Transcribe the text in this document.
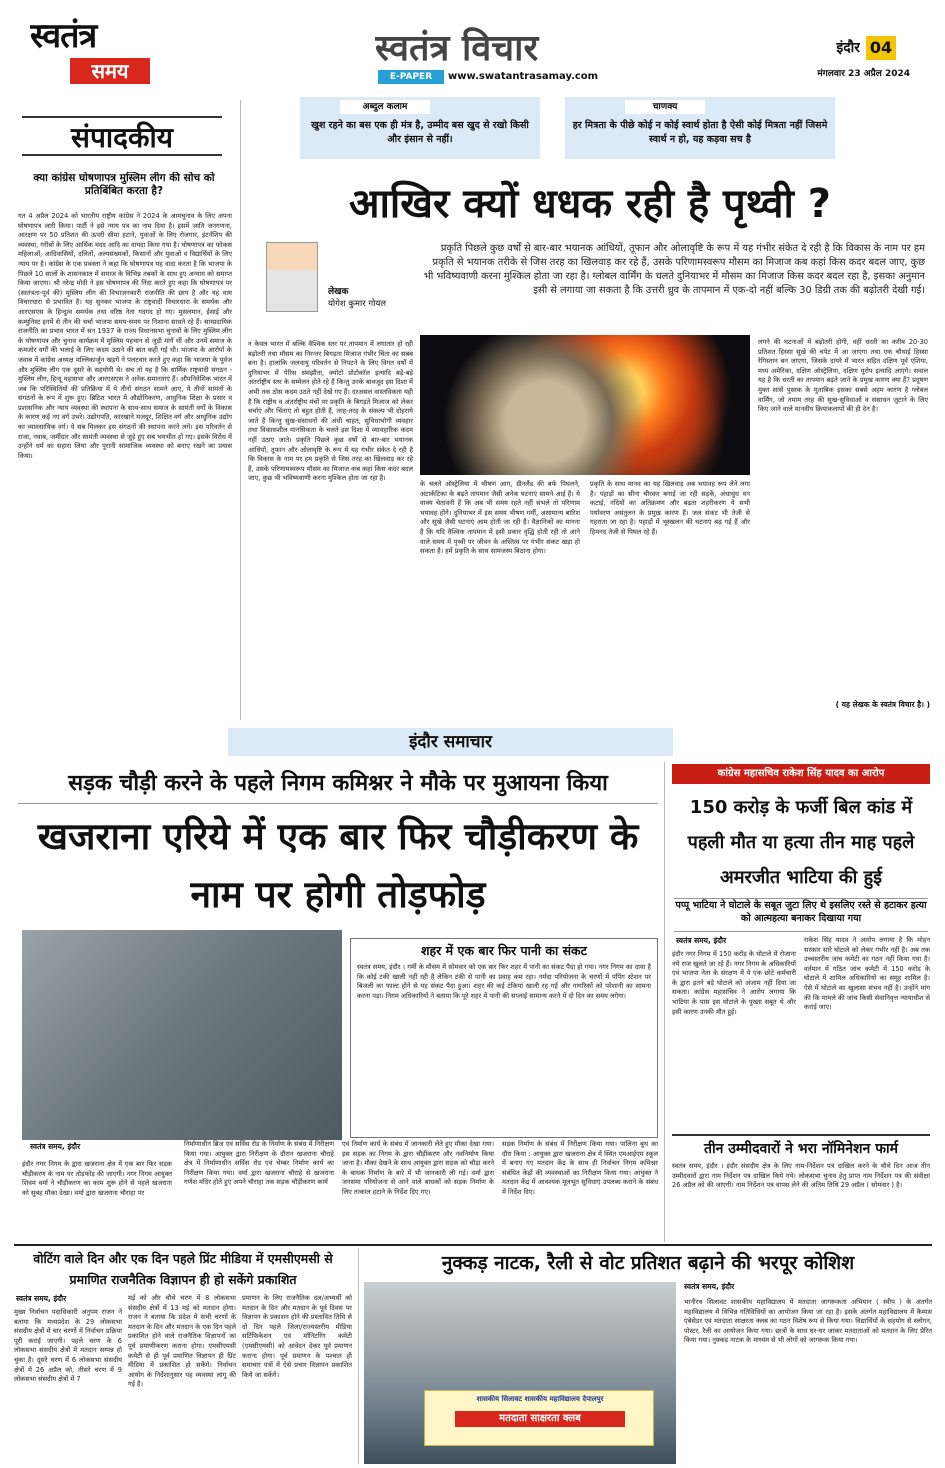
स्वतंत्र
समय
स्वतंत्र विचार
E-PAPER	www.swatantrasamay.com
इंदौर 04
मंगलवार 23 अप्रैल 2024
अब्दुल कलाम
खुश रहने का बस एक ही मंत्र है, उम्मीद बस खुद से रखो किसी और इंसान से नहीं।
चाणक्य
हर मित्रता के पीछे कोई न कोई स्वार्थ होता है ऐसी कोई मित्रता नहीं जिसमे स्वार्थ न हो, यह कड़वा सच है
संपादकीय
क्या कांग्रेस घोषणापत्र मुस्लिम लीग की सोच को प्रतिबिंबित करता है?
गत 4 अप्रैल 2024 को भारतीय राष्ट्रीय कांग्रेस ने 2024 के आमचुनाव के लिए अपना घोषणापत्र जारी किया। पार्टी ने इसे न्याय पत्र का नाम दिया है। इसमें जाति जनगणना, आरक्षण पर 50 प्रतिशत की ऊपरी सीमा हटाने, युवाओं के लिए रोजगार, इंटर्नशिप की व्यवस्था, गरीबों के लिए आर्थिक मदद आदि का वायदा किया गया है। घोषणापत्र का फोकस महिलाओं, आदिवासियों, दलितों, अल्पसंख्यकों, किसानों और युवाओं व विद्यार्थियों के लिए न्याय पर है। कांग्रेस के एक प्रवक्ता ने कहा कि घोषणापत्र यह वादा करता है कि भाजपा के पिछले 10 सालों के शासनकाल में समाज के विभिन्न तबकों के साथ हुए अन्याय को समाप्त किया जाएगा। श्री नरेन्द्र मोदी ने इस घोषणापत्र की निंदा करते हुए कहा कि घोषणापत्र पर (स्वतंत्रता-पूर्व की) मुस्लिम लीग की विभाजनकारी राजनीति की छाप है और यह वाम विचारधारा से प्रभावित है। यह सुनकर भाजपा के राष्ट्रवादी विचारधारा के समर्थक और आरएसएस के हिन्दुत्व समर्थक तथा वरिष्ठ नेता गदगद हो गए। मुसलमान, ईसाई और कम्युनिस्ट इनमें से तीन की चर्चा भाजपा समय-समय पर निशाना साधते रहे हैं। साम्प्रदायिक राजनीति का प्रभाव भारत में सन 1937 के राज्य विधानसभा चुनावों के लिए मुस्लिम लीग के घोषणापत्र और चुनाव कार्यक्रम में मुस्लिम पहचान से जुड़ी मांगें थीं और उनमें समाज के कमजोर वर्गों की भलाई के लिए कदम उठाने की बात कही गई थी। भाजपा के आरोपों के जवाब में कांग्रेस अध्यक्ष मल्लिकार्जुन खड़गे ने पलटवार करते हुए कहा कि भाजपा के पूर्वज और मुस्लिम लीग एक दूसरे के सहयोगी थे। सच तो यह है कि धार्मिक राष्ट्रवादी संगठन - मुस्लिम लीग, हिन्दू महासभा और आरएसएस ने अनेक समानताएं हैं। औपनिवेशिक भारत में जब कि परिस्थितियों की प्रतिक्रिया में ये तीनों संगठन सामने आए, ये तीनों सामंतों के संगठनों के रूप में शुरू हुए। ब्रिटिश भारत में औद्योगिकरण, आधुनिक शिक्षा के प्रसार व प्रशासनिक और न्याय व्यवस्था की स्थापना के साथ-साथ समाज के सामंती वर्गों के विकास के कारण कई नए वर्ग उभरे। उद्योगपति, कारखाने मजदूर, शिक्षित वर्ग और आधुनिक उद्योग का व्यावसायिक वर्ग। ये सब मिलकर इस संगठनों की स्थापना करने लगे। इस परिवर्तन से राजा, नवाब, जमींदार और सामंती व्यवस्था से जुड़े हुए सब भयभीत हो गए। इसके विरोध में उन्होंने धर्म का सहारा लिया और पुरानी सामाजिक व्यवस्था को बनाए रखने का प्रयास किया।
आखिर क्यों धधक रही है पृथ्वी ?
लेखक
योगेश कुमार गोयल
प्रकृति पिछले कुछ वर्षों से बार-बार भयानक आंधियों, तूफान और ओलावृष्टि के रूप में यह गंभीर संकेत दे रही है कि विकास के नाम पर हम प्रकृति से भयानक तरीके से जिस तरह का खिलवाड़ कर रहे हैं, उसके परिणामस्वरूप मौसम का मिजाज कब कहां किस कदर बदल जाए, कुछ भी भविष्यवाणी करना मुश्किल होता जा रहा है। ग्लोबल वार्मिंग के चलते दुनियाभर में मौसम का मिजाज किस कदर बदल रहा है, इसका अनुमान इसी से लगाया जा सकता है कि उत्तरी ध्रुव के तापमान में एक-दो नहीं बल्कि 30 डिग्री तक की बढ़ोतरी देखी गई।
न केवल भारत में बल्कि वैश्विक स्तर पर तापमान में लगातार हो रही बढ़ोतरी तथा मौसम का निरन्तर बिगड़ता मिजाज गंभीर चिंता का सबब बना है। हालांकि जलवायु परिवर्तन से निपटने के लिए विगत वर्षों में दुनियाभर में पेरिस समझौता, क्योटो प्रोटोकॉल इत्यादि बड़े-बड़े अंतर्राष्ट्रीय स्तर के सम्मेलन होते रहे हैं किन्तु उनके बावजूद इस दिशा में अभी तक ठोस कदम उठते नहीं देखे गए हैं। दरअसल वास्तविकता यही है कि राष्ट्रीय व अंतर्राष्ट्रीय मंचों पर प्रकृति के बिगड़ते मिजाज को लेकर चर्चाएं और चिंताएं तो बहुत होती हैं, तरह-तरह के संकल्प भी दोहराये जाते हैं किन्तु सुख-संसाधनों की अंधी चाहत, सुविधाभोगी व्यवहार तथा विकासशील मानसिकता के चलते इस दिशा में व्यावहारिक कदम नहीं उठाए जाते। प्रकृति पिछले कुछ वर्षों से बार-बार भयानक आंधियों, तूफान और ओलावृष्टि के रूप में यह गंभीर संकेत दे रही है कि विकास के नाम पर हम प्रकृति से जिस तरह का खिलवाड़ कर रहे हैं, उसके परिणामस्वरूप मौसम का मिजाज कब कहां किस कदर बदल जाए, कुछ भी भविष्यवाणी करना मुश्किल होता जा रहा है।
के चलते ऑस्ट्रेलिया में भीषण आग, ग्रीनलैंड की बर्फ पिघलने, अंटार्कटिका के बढ़ते तापमान जैसी अनेक घटनाएं सामने आई हैं। ये वाक्य चेतावनी हैं कि अब भी समय रहते नहीं संभले तो परिणाम भयावह होंगे। दुनियाभर में इस समय भीषण गर्मी, असामान्य बारिश और सूखे जैसी घटनाएं आम होती जा रही हैं। वैज्ञानिकों का मानना है कि यदि वैश्विक तापमान में इसी प्रकार वृद्धि होती रही तो आने वाले समय में पृथ्वी पर जीवन के अस्तित्व पर गंभीर संकट खड़ा हो सकता है। हमें प्रकृति के साथ सामंजस्य बिठाना होगा।
प्रकृति के साथ मानव का यह खिलवाड़ अब भयावह रूप लेने लगा है। पहाड़ों का सीना चीरकर बनाई जा रही सड़कें, अंधाधुंध वन कटाई, नदियों का अतिक्रमण और बढ़ता शहरीकरण ये सभी पर्यावरण असंतुलन के प्रमुख कारण हैं। जल संकट भी तेजी से गहराता जा रहा है। पहाड़ों में भूस्खलन की घटनाएं बढ़ गई हैं और हिमनद तेजी से पिघल रहे हैं।
लगने की घटनाओं में बढ़ोतरी होगी, वहीं धरती का करीब 20-30 प्रतिशत हिस्सा सूखे की चपेट में आ जाएगा तथा एक चौथाई हिस्सा रेगिस्तान बन जाएगा, जिसके दायरे में भारत सहित दक्षिण पूर्व एशिया, मध्य अमेरिका, दक्षिण ऑस्ट्रेलिया, दक्षिण यूरोप इत्यादि आएंगे। सवाल यह है कि धरती का तापमान बढ़ते जाने के प्रमुख कारण क्या हैं? प्रदूषण मुक्त सांसें पुस्तक के मुताबिक इसका सबसे अहम कारण है ग्लोबल वार्मिंग, जो तमाम तरह की सुख-सुविधाओं व संसाधन जुटाने के लिए किए जाने वाले मानवीय क्रियाकलापों की ही देन है।
( यह लेखक के स्वतंत्र विचार है। )
इंदौर समाचार
सड़क चौड़ी करने के पहले निगम कमिश्नर ने मौके पर मुआयना किया
खजराना एरिये में एक बार फिर चौड़ीकरण के नाम पर होगी तोड़फोड़
शहर में एक बार फिर पानी का संकट
स्वतंत्र समय, इंदौर । गर्मी के मौसम में सोमवार को एक बार फिर शहर में पानी का संकट पैदा हो गया। नगर निगम का दावा है कि कोई टंकी खाली नहीं रही है लेकिन टंकी से पानी का प्रवाह कम रहा। नर्मदा परियोजना के चरणों में पंपिंग स्टेशन पर बिजली का फाल्ट होने से यह संकट पैदा हुआ। शहर की कई टंकियां खाली रह गईं और नागरिकों को परेशानी का सामना करना पड़ा। निगम अधिकारियों ने बताया कि पूरे शहर में पानी की सप्लाई सामान्य करने में दो दिन का समय लगेगा।
स्वतंत्र समय, इंदौर
इंदौर नगर निगम के द्वारा खजराना क्षेत्र में एक बार फिर सड़क चौड़ीकरण के नाम पर तोड़फोड़ की जाएगी। नगर निगम आयुक्त शिवम वर्मा ने चौड़ीकरण का काम शुरू होने से पहले खजराना को सुबह मौका देखा। वर्मा द्वारा खजराना चौराहा पर
निर्माणाधीन ब्रिज एवं सर्विस रोड के निर्माण के संबंध में निरीक्षण किया गया। आयुक्त द्वारा निरीक्षण के दौरान खजराना चौराहे क्षेत्र में निर्माणाधीन सर्विस रोड एवं चेम्बर निर्माण कार्य का निरीक्षण किया गया। वर्मा द्वारा खजराना चौराहे से खजराना गणेश मंदिर होते हुए अपने चौराहा तक सड़क चौड़ीकरण कार्य
एवं निर्माण कार्य के संबंध में जानकारी लेते हुए मौका देखा गया। इस सड़क का निगम के द्वारा चौड़ीकरण और नवनिर्माण किया जाना है। मौका देखने के साथ आयुक्त द्वारा सड़क को चौड़ा करने के बाधक निर्माण के बारे में भी जानकारी ली गई। वर्मा द्वारा जनसमा परियोजना से आने वाले बाधकों को सड़क निर्माण के लिए तत्काल हटाने के निर्देश दिए गए।
सड़क निर्माण के संबंध में निरीक्षण किया गया। पालिना बुथ का दौरा किया : आयुक्त द्वारा खजराना क्षेत्र में स्थित एमआईएम स्कूल में बनाए गए मतदान केंद्र के साथ ही निर्वाचन निगम कमिश्नर संबंधित केंद्रों की व्यवस्थाओं का निरीक्षण किया गया। आयुक्त ने मतदान केंद्र में आवश्यक मूलभूत सुविधाएं उपलब्ध कराने के संबंध में निर्देश दिए।
कांग्रेस महासचिव राकेश सिंह यादव का आरोप
150 करोड़ के फर्जी बिल कांड में पहली मौत या हत्या तीन माह पहले अमरजीत भाटिया की हुई
पप्पू भाटिया ने घोटाले के सबूत जुटा लिए थे इसलिए रस्ते से हटाकर हत्या को आत्महत्या बनाकर दिखाया गया
स्वतंत्र समय, इंदौर
इंदौर नगर निगम में 150 करोड़ के घोटाले में रोजाना नये राज खुलते जा रहे हैं। नगर निगम के अधिकारियों एवं भाजपा नेता के संरक्षण में ये एक छोटे कर्मचारी के द्वारा इतने बड़े घोटाले को अंजाम नहीं दिया जा सकता। कांग्रेस महासचिव ने आरोप लगाया कि भाटिया के पास इस घोटाले के पुख्ता सबूत थे और इसी कारण उनकी मौत हुई।
राकेश सिंह यादव ने आरोप लगाया है कि मोहन सरकार सारे घोटाले को लेकर गंभीर नहीं है। अब तक उच्चस्तरीय जांच कमेटी का गठन नहीं किया गया है। वर्तमान में गठित जांच कमेटी में 150 करोड़ के घोटाले में शामिल अधिकारियों का समूह शामिल है। ऐसे में घोटाले का खुलासा संभव नहीं है। उन्होंने मांग की कि मामले की जांच किसी सेवानिवृत्त न्यायाधीश से कराई जाए।
तीन उम्मीदवारों ने भरा नॉमिनेशन फार्म
स्वतंत्र समय, इंदौर । इंदौर संसदीय क्षेत्र के लिए नाम-निर्देशन पत्र दाखिल करने के चौथे दिन आज तीन उम्मीदवारों द्वारा नाम निर्देशन पत्र दाखिल किये गये। लोकसभा चुनाव हेतु प्राप्त नाम निर्देशन पत्र की संवीक्षा 26 अप्रैल को की जाएगी। नाम निर्देशन पत्र वापस लेने की अंतिम तिथि 29 अप्रैल ( सोमवार ) है।
वोटिंग वाले दिन और एक दिन पहले प्रिंट मीडिया में एमसीएमसी से प्रमाणित राजनैतिक विज्ञापन ही हो सकेंगे प्रकाशित
स्वतंत्र समय, इंदौर
मुख्य निर्वाचन पदाधिकारी अनुपम राजन ने बताया कि मध्यप्रदेश के 29 लोकसभा संसदीय क्षेत्रों में चार चरणों में निर्वाचन प्रक्रिया पूरी कराई जाएगी। पहले चरण के 6 लोकसभा संसदीय क्षेत्रों में मतदान सम्पन्न हो चुका है। दूसरे चरण में 6 लोकसभा संसदीय क्षेत्रों में 26 अप्रैल को, तीसरे चरण में 9 लोकसभा संसदीय क्षेत्रों में 7
मई को और चौथे चरण में 8 लोकसभा संसदीय क्षेत्रों में 13 मई को मतदान होगा। राजन ने बताया कि प्रदेश में सभी चरणों के मतदान के दिन और मतदान के एक दिन पहले प्रकाशित होने वाले राजनैतिक विज्ञापनों का पूर्व प्रमाणीकरण कराना होगा। एमसीएमसी कमेटी से ही पूर्व प्रमाणित विज्ञापन ही प्रिंट मीडिया में प्रकाशित हो सकेंगे। निर्वाचन आयोग के निर्देशानुसार यह व्यवस्था लागू की गई है।
प्रमाणन के लिए राजनैतिक दल/अभ्यर्थी को मतदान के दिन और मतदान के पूर्व दिवस पर विज्ञापन के प्रकाशन होने की प्रस्तावित तिथि से दो दिन पहले जिला/राज्यस्तरीय मीडिया सर्टिफिकेशन एवं मॉनिटरिंग कमेटी (एमसीएमसी) को आवेदन देकर पूर्व प्रमाणन कराना होगा। पूर्व प्रमाणन के पश्चात ही समाचार पत्रों में ऐसे प्रचार विज्ञापन प्रकाशित किये जा सकेंगे।
नुक्कड़ नाटक, रैली से वोट प्रतिशत बढ़ाने की भरपूर कोशिश
शासकीय सिलावट शासकीय महाविद्यालय देपालपुर
मतदाता साक्षरता क्लब
स्वतंत्र समय, इंदौर
भानीरथ सिलावट शासकीय महाविद्यालय में मतदाता जागरूकता अभियान ( स्वीप ) के अंतर्गत महाविद्यालय में विभिन्न गतिविधियों का आयोजन किया जा रहा है। इसके अंतर्गत महाविद्यालय में कैम्पस एंबेसेडर एवं मतदाता साक्षरता क्लब का गठन विशेष रूप से किया गया। विद्यार्थियों के सहयोग से स्लोगन, पोस्टर, रैली का आयोजन किया गया। छात्रों के साथ घर-घर जाकर मतदाताओं को मतदान के लिए प्रेरित किया गया। नुक्कड़ नाटक के माध्यम से भी लोगों को जागरूक किया गया।
